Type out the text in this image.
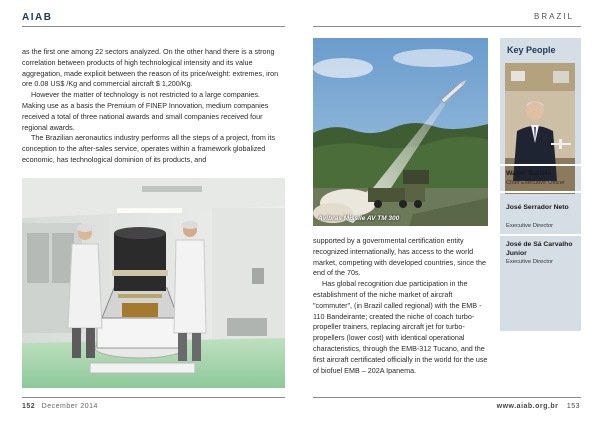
AIAB	BRAZIL

as the first one among 22 sectors analyzed. On the other hand there is a strong correlation between products of high technological intensity and its value aggregation, made explicit between the reason of its price/weight: extremes, iron ore 0.08 US$ /Kg and commercial aircraft $ 1,200/Kg.

However the matter of technology is not restricted to a large companies. Making use as a basis the Premium of FINEP Innovation, medium companies received a total of three national awards and small companies received four regional awards.

The Brazilian aeronautics industry performs all the steps of a project, from its conception to the after-sales service, operates within a framework globalized economic, has technological dominion of its products, and

Avibras Missile AV TM 300

supported by a governmental certification entity recognized internationally, has access to the world market, competing with developed countries, since the end of the 70s.

Has global recognition due participation in the establishment of the niche market of aircraft "commuter", (in Brazil called regional) with the EMB - 110 Bandeirante; created the niche of coach turbo-propeller trainers, replacing aircraft jet for turbo-propellers (lower cost) with identical operational characteristics, through the EMB-312 Tucano, and the first aircraft certificated officially in the world for the use of biofuel EMB – 202A Ipanema.

Key People
Walter Bartels
Chief Executive Officer
José Serrador Neto
Executive Director
José de Sá Carvalho Junior
Executive Director
152 December 2014	www.aiab.org.br 153
